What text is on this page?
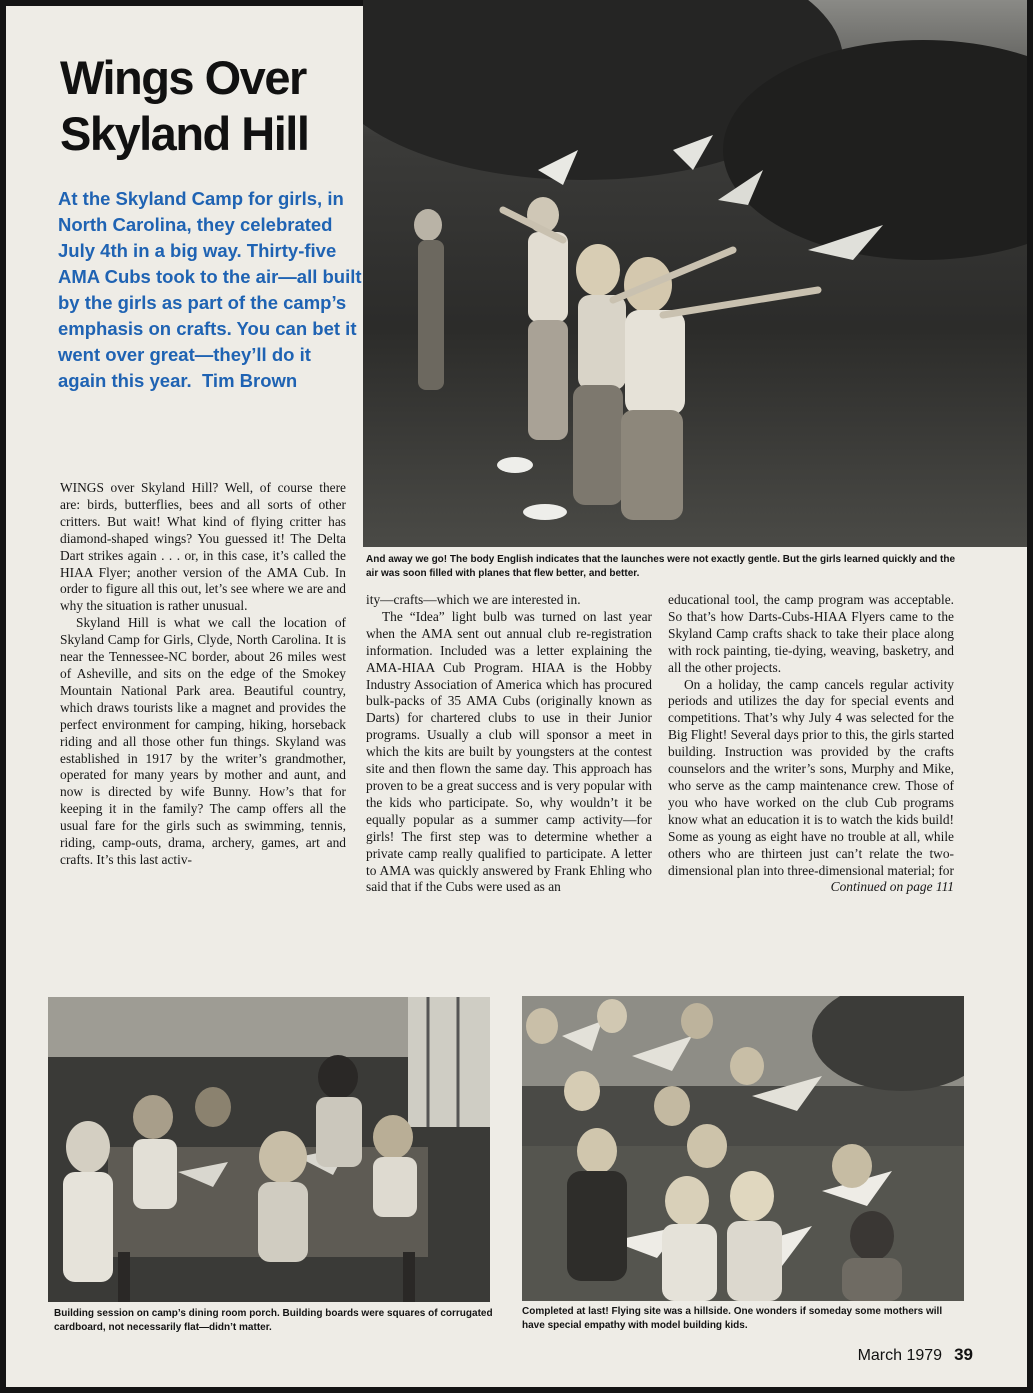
Wings Over
Skyland Hill

At the Skyland Camp for girls, in North Carolina, they celebrated July 4th in a big way. Thirty-five AMA Cubs took to the air—all built by the girls as part of the camp’s emphasis on crafts. You can bet it went over great—they’ll do it again this year. Tim Brown

And away we go! The body English indicates that the launches were not exactly gentle. But the girls learned quickly and the air was soon filled with planes that flew better, and better.

WINGS over Skyland Hill? Well, of course there are: birds, butterflies, bees and all sorts of other critters. But wait! What kind of flying critter has diamond-shaped wings? You guessed it! The Delta Dart strikes again . . . or, in this case, it’s called the HIAA Flyer; another version of the AMA Cub. In order to figure all this out, let’s see where we are and why the situation is rather unusual.

Skyland Hill is what we call the location of Skyland Camp for Girls, Clyde, North Carolina. It is near the Tennessee-NC border, about 26 miles west of Asheville, and sits on the edge of the Smokey Mountain National Park area. Beautiful country, which draws tourists like a magnet and provides the perfect environment for camping, hiking, horseback riding and all those other fun things. Skyland was established in 1917 by the writer’s grandmother, operated for many years by mother and aunt, and now is directed by wife Bunny. How’s that for keeping it in the family? The camp offers all the usual fare for the girls such as swimming, tennis, riding, camp-outs, drama, archery, games, art and crafts. It’s this last activ-

ity—crafts—which we are interested in.

The “Idea” light bulb was turned on last year when the AMA sent out annual club re-registration information. Included was a letter explaining the AMA-HIAA Cub Program. HIAA is the Hobby Industry Association of America which has procured bulk-packs of 35 AMA Cubs (originally known as Darts) for chartered clubs to use in their Junior programs. Usually a club will sponsor a meet in which the kits are built by youngsters at the contest site and then flown the same day. This approach has proven to be a great success and is very popular with the kids who participate. So, why wouldn’t it be equally popular as a summer camp activity—for girls! The first step was to determine whether a private camp really qualified to participate. A letter to AMA was quickly answered by Frank Ehling who said that if the Cubs were used as an

educational tool, the camp program was acceptable. So that’s how Darts-Cubs-HIAA Flyers came to the Skyland Camp crafts shack to take their place along with rock painting, tie-dying, weaving, basketry, and all the other projects.

On a holiday, the camp cancels regular activity periods and utilizes the day for special events and competitions. That’s why July 4 was selected for the Big Flight! Several days prior to this, the girls started building. Instruction was provided by the crafts counselors and the writer’s sons, Murphy and Mike, who serve as the camp maintenance crew. Those of you who have worked on the club Cub programs know what an education it is to watch the kids build! Some as young as eight have no trouble at all, while others who are thirteen just can’t relate the two-dimensional plan into three-dimensional material; for

Continued on page 111

Building session on camp’s dining room porch. Building boards were squares of corrugated cardboard, not necessarily flat—didn’t matter.

Completed at last! Flying site was a hillside. One wonders if someday some mothers will have special empathy with model building kids.

March 1979 39
